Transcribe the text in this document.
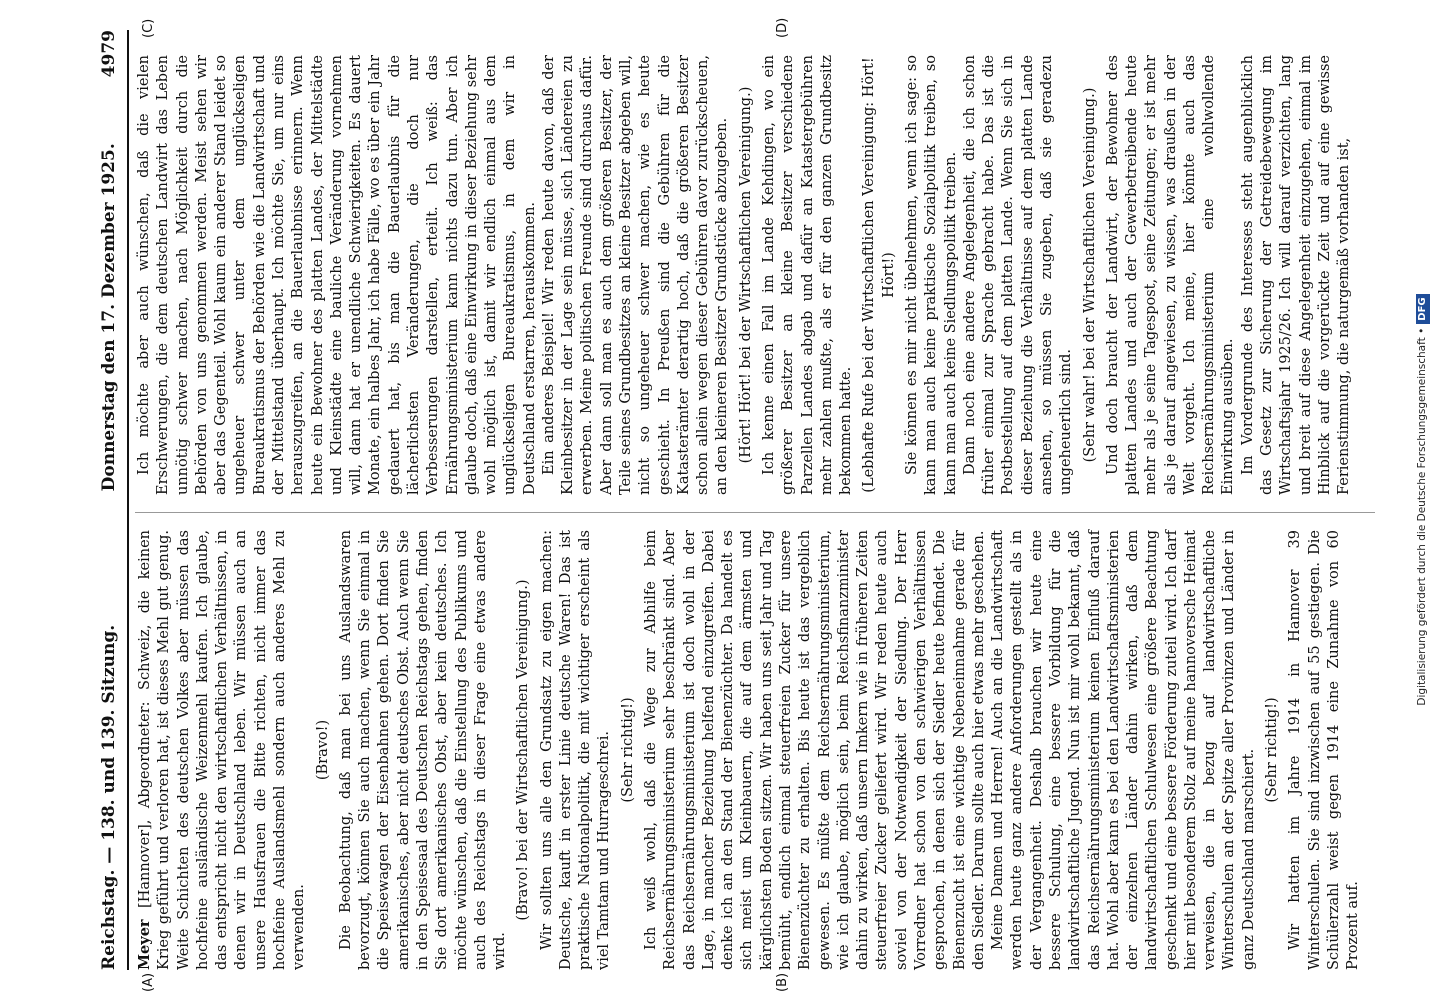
Reichstag. — 138. und 139. Sitzung.
Donnerstag den 17. Dezember 1925. 4979
(A)	(B)
(C)	(D)

Meyer [Hannover], Abgeordneter: Schweiz, die keinen Krieg geführt und verloren hat, ist dieses Mehl gut genug. Weite Schichten des deutschen Volkes aber müssen das hochfeine ausländische Weizenmehl kaufen. Ich glaube, das entspricht nicht den wirtschaftlichen Verhältnissen, in denen wir in Deutschland leben. Wir müssen auch an unsere Hausfrauen die Bitte richten, nicht immer das hochfeine Auslandsmehl sondern auch anderes Mehl zu verwenden.

(Bravo!) Die Beobachtung, daß man bei uns Auslandswaren bevorzugt, können Sie auch machen, wenn Sie einmal in die Speisewagen der Eisenbahnen gehen. Dort finden Sie amerikanisches, aber nicht deutsches Obst. Auch wenn Sie in den Speisesaal des Deutschen Reichstags gehen, finden Sie dort amerikanisches Obst, aber kein deutsches. Ich möchte wünschen, daß die Einstellung des Publikums und auch des Reichstags in dieser Frage eine etwas andere wird.

(Bravo! bei der Wirtschaftlichen Vereinigung.) Wir sollten uns alle den Grundsatz zu eigen machen: Deutsche, kauft in erster Linie deutsche Waren! Das ist praktische Nationalpolitik, die mit wichtiger erscheint als viel Tamtam und Hurrageschrei. (Sehr richtig!) Ich weiß wohl, daß die Wege zur Abhilfe beim Reichsernährungsministerium sehr beschränkt sind. Aber das Reichsernährungsministerium ist doch wohl in der Lage, in mancher Beziehung helfend einzugreifen. Dabei denke ich an den Stand der Bienenzüchter. Da handelt es sich meist um Kleinbauern, die auf dem ärmsten und kärglichsten Boden sitzen. Wir haben uns seit Jahr und Tag bemüht, endlich einmal steuerfreien Zucker für unsere Bienenzüchter zu erhalten. Bis heute ist das vergeblich gewesen. Es müßte dem Reichsernährungsministerium, wie ich glaube, möglich sein, beim Reichsfinanzminister dahin zu wirken, daß unsern Imkern wie in früheren Zeiten steuerfreier Zucker geliefert wird. Wir reden heute auch soviel von der Notwendigkeit der Siedlung. Der Herr Vorredner hat schon von den schwierigen Verhältnissen gesprochen, in denen sich der Siedler heute befindet. Die Bienenzucht ist eine wichtige Nebeneinnahme gerade für den Siedler. Darum sollte auch hier etwas mehr geschehen. Meine Damen und Herren! Auch an die Landwirtschaft werden heute ganz andere Anforderungen gestellt als in der Vergangenheit. Deshalb brauchen wir heute eine bessere Schulung, eine bessere Vorbildung für die landwirtschaftliche Jugend. Nun ist mir wohl bekannt, daß das Reichsernährungsministerium keinen Einfluß darauf hat. Wohl aber kann es bei den Landwirtschaftsministerien der einzelnen Länder dahin wirken, daß dem landwirtschaftlichen Schulwesen eine größere Beachtung geschenkt und eine bessere Förderung zuteil wird. Ich darf hier mit besonderem Stolz auf meine hannoversche Heimat verweisen, die in bezug auf landwirtschaftliche Winterschulen an der Spitze aller Provinzen und Länder in ganz Deutschland marschiert. (Sehr richtig!) Wir hatten im Jahre 1914 in Hannover 39 Winterschulen. Sie sind inzwischen auf 55 gestiegen. Die Schülerzahl weist gegen 1914 eine Zunahme von 60 Prozent auf.

Ich möchte aber auch wünschen, daß die vielen Erschwerungen, die dem deutschen Landwirt das Leben unnötig schwer machen, nach Möglichkeit durch die Behörden von uns genommen werden. Meist sehen wir aber das Gegenteil. Wohl kaum ein anderer Stand leidet so ungeheuer schwer unter dem unglückseligen Bureaukratismus der Behörden wie die Landwirtschaft und der Mittelstand überhaupt. Ich möchte Sie, um nur eins herauszugreifen, an die Bauerlaubnisse erinnern. Wenn heute ein Bewohner des platten Landes, der Mittelstädte und Kleinstädte eine bauliche Veränderung vornehmen will, dann hat er unendliche Schwierigkeiten. Es dauert Monate, ein halbes Jahr, ich habe Fälle, wo es über ein Jahr gedauert hat, bis man die Bauerlaubnis für die lächerlichsten Veränderungen, die doch nur Verbesserungen darstellen, erteilt. Ich weiß: das Ernährungsministerium kann nichts dazu tun. Aber ich glaube doch, daß eine Einwirkung in dieser Beziehung sehr wohl möglich ist, damit wir endlich einmal aus dem unglückseligen Bureaukratismus, in dem wir in Deutschland erstarren, herauskommen. Ein anderes Beispiel! Wir reden heute davon, daß der Kleinbesitzer in der Lage sein müsse, sich Ländereien zu erwerben. Meine politischen Freunde sind durchaus dafür. Aber dann soll man es auch dem größeren Besitzer, der Teile seines Grundbesitzes an kleine Besitzer abgeben will, nicht so ungeheuer schwer machen, wie es heute geschieht. In Preußen sind die Gebühren für die Katasterämter derartig hoch, daß die größeren Besitzer schon allein wegen dieser Gebühren davor zurückscheuen, an den kleineren Besitzer Grundstücke abzugeben. (Hört! Hört! bei der Wirtschaftlichen Vereinigung.) Ich kenne einen Fall im Lande Kehdingen, wo ein größerer Besitzer an kleine Besitzer verschiedene Parzellen Landes abgab und dafür an Katastergebühren mehr zahlen mußte, als er für den ganzen Grundbesitz bekommen hatte. (Lebhafte Rufe bei der Wirtschaftlichen Vereinigung: Hört! Hört!) Sie können es mir nicht übelnehmen, wenn ich sage: so kann man auch keine praktische Sozialpolitik treiben, so kann man auch keine Siedlungspolitik treiben. Dann noch eine andere Angelegenheit, die ich schon früher einmal zur Sprache gebracht habe. Das ist die Postbestellung auf dem platten Lande. Wenn Sie sich in dieser Beziehung die Verhältnisse auf dem platten Lande ansehen, so müssen Sie zugeben, daß sie geradezu ungeheuerlich sind. (Sehr wahr! bei der Wirtschaftlichen Vereinigung.) Und doch braucht der Landwirt, der Bewohner des platten Landes und auch der Gewerbetreibende heute mehr als je seine Tagespost, seine Zeitungen; er ist mehr als je darauf angewiesen, zu wissen, was draußen in der Welt vorgeht. Ich meine, hier könnte auch das Reichsernährungsministerium eine wohlwollende Einwirkung ausüben. Im Vordergrunde des Interesses steht augenblicklich das Gesetz zur Sicherung der Getreidebewegung im Wirtschaftsjahr 1925/26. Ich will darauf verzichten, lang und breit auf diese Angelegenheit einzugehen, einmal im Hinblick auf die vorgerückte Zeit und auf eine gewisse Ferienstimmung, die naturgemäß vorhanden ist,

Digitalisierung gefördert durch die Deutsche Forschungsgemeinschaft •DFG
